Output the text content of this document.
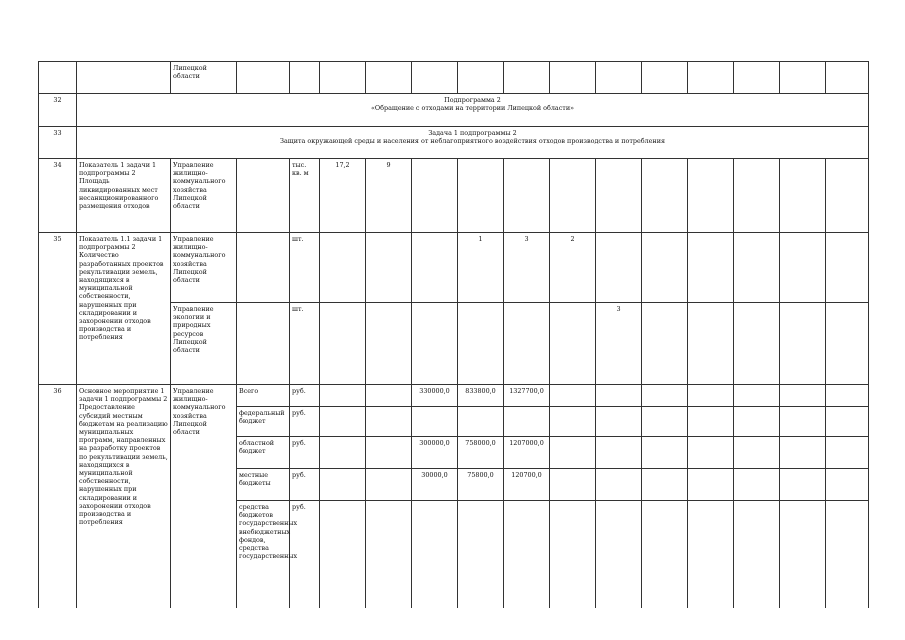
		Липецкой области														
32	Подпрограмма 2
«Обращение с отходами на территории Липецкой области»															

33	Задача 1 подпрограммы 2
Защита окружающей среды и населения от неблагоприятного воздействия отходов производства и потребления															

34	Показатель 1 задачи 1 подпрограммы 2 Площадь ликвидированных мест несанкционированного размещения отходов	Управление жилищно-коммунального хозяйства Липецкой области		тыс. кв. м	17,2	9										
35	Показатель 1.1 задачи 1 подпрограммы 2 Количество разработанных проектов рекультивации земель, находящихся в муниципальной собственности, нарушенных при складировании и захоронении отходов производства и потребления	Управление жилищно-коммунального хозяйства Липецкой области		шт.				1	3	2						
		Управление экологии и природных ресурсов Липецкой области		шт.							3					
36	Основное мероприятие 1 задачи 1 подпрограммы 2 Предоставление субсидий местным бюджетам на реализацию муниципальных программ, направленных на разработку проектов по рекультивации земель, находящихся в муниципальной собственности, нарушенных при складировании и захоронении отходов производства и потребления	Управление жилищно-коммунального хозяйства Липецкой области	Всего	руб.			330000,0	833800,0	1327700,0							
			федеральный бюджет	руб.												
			областной бюджет	руб.			300000,0	758000,0	1207000,0							
			местные бюджеты	руб.			30000,0	75800,0	120700,0							
			средства бюджетов государственных внебюджетных фондов, средства государственных	руб.												
